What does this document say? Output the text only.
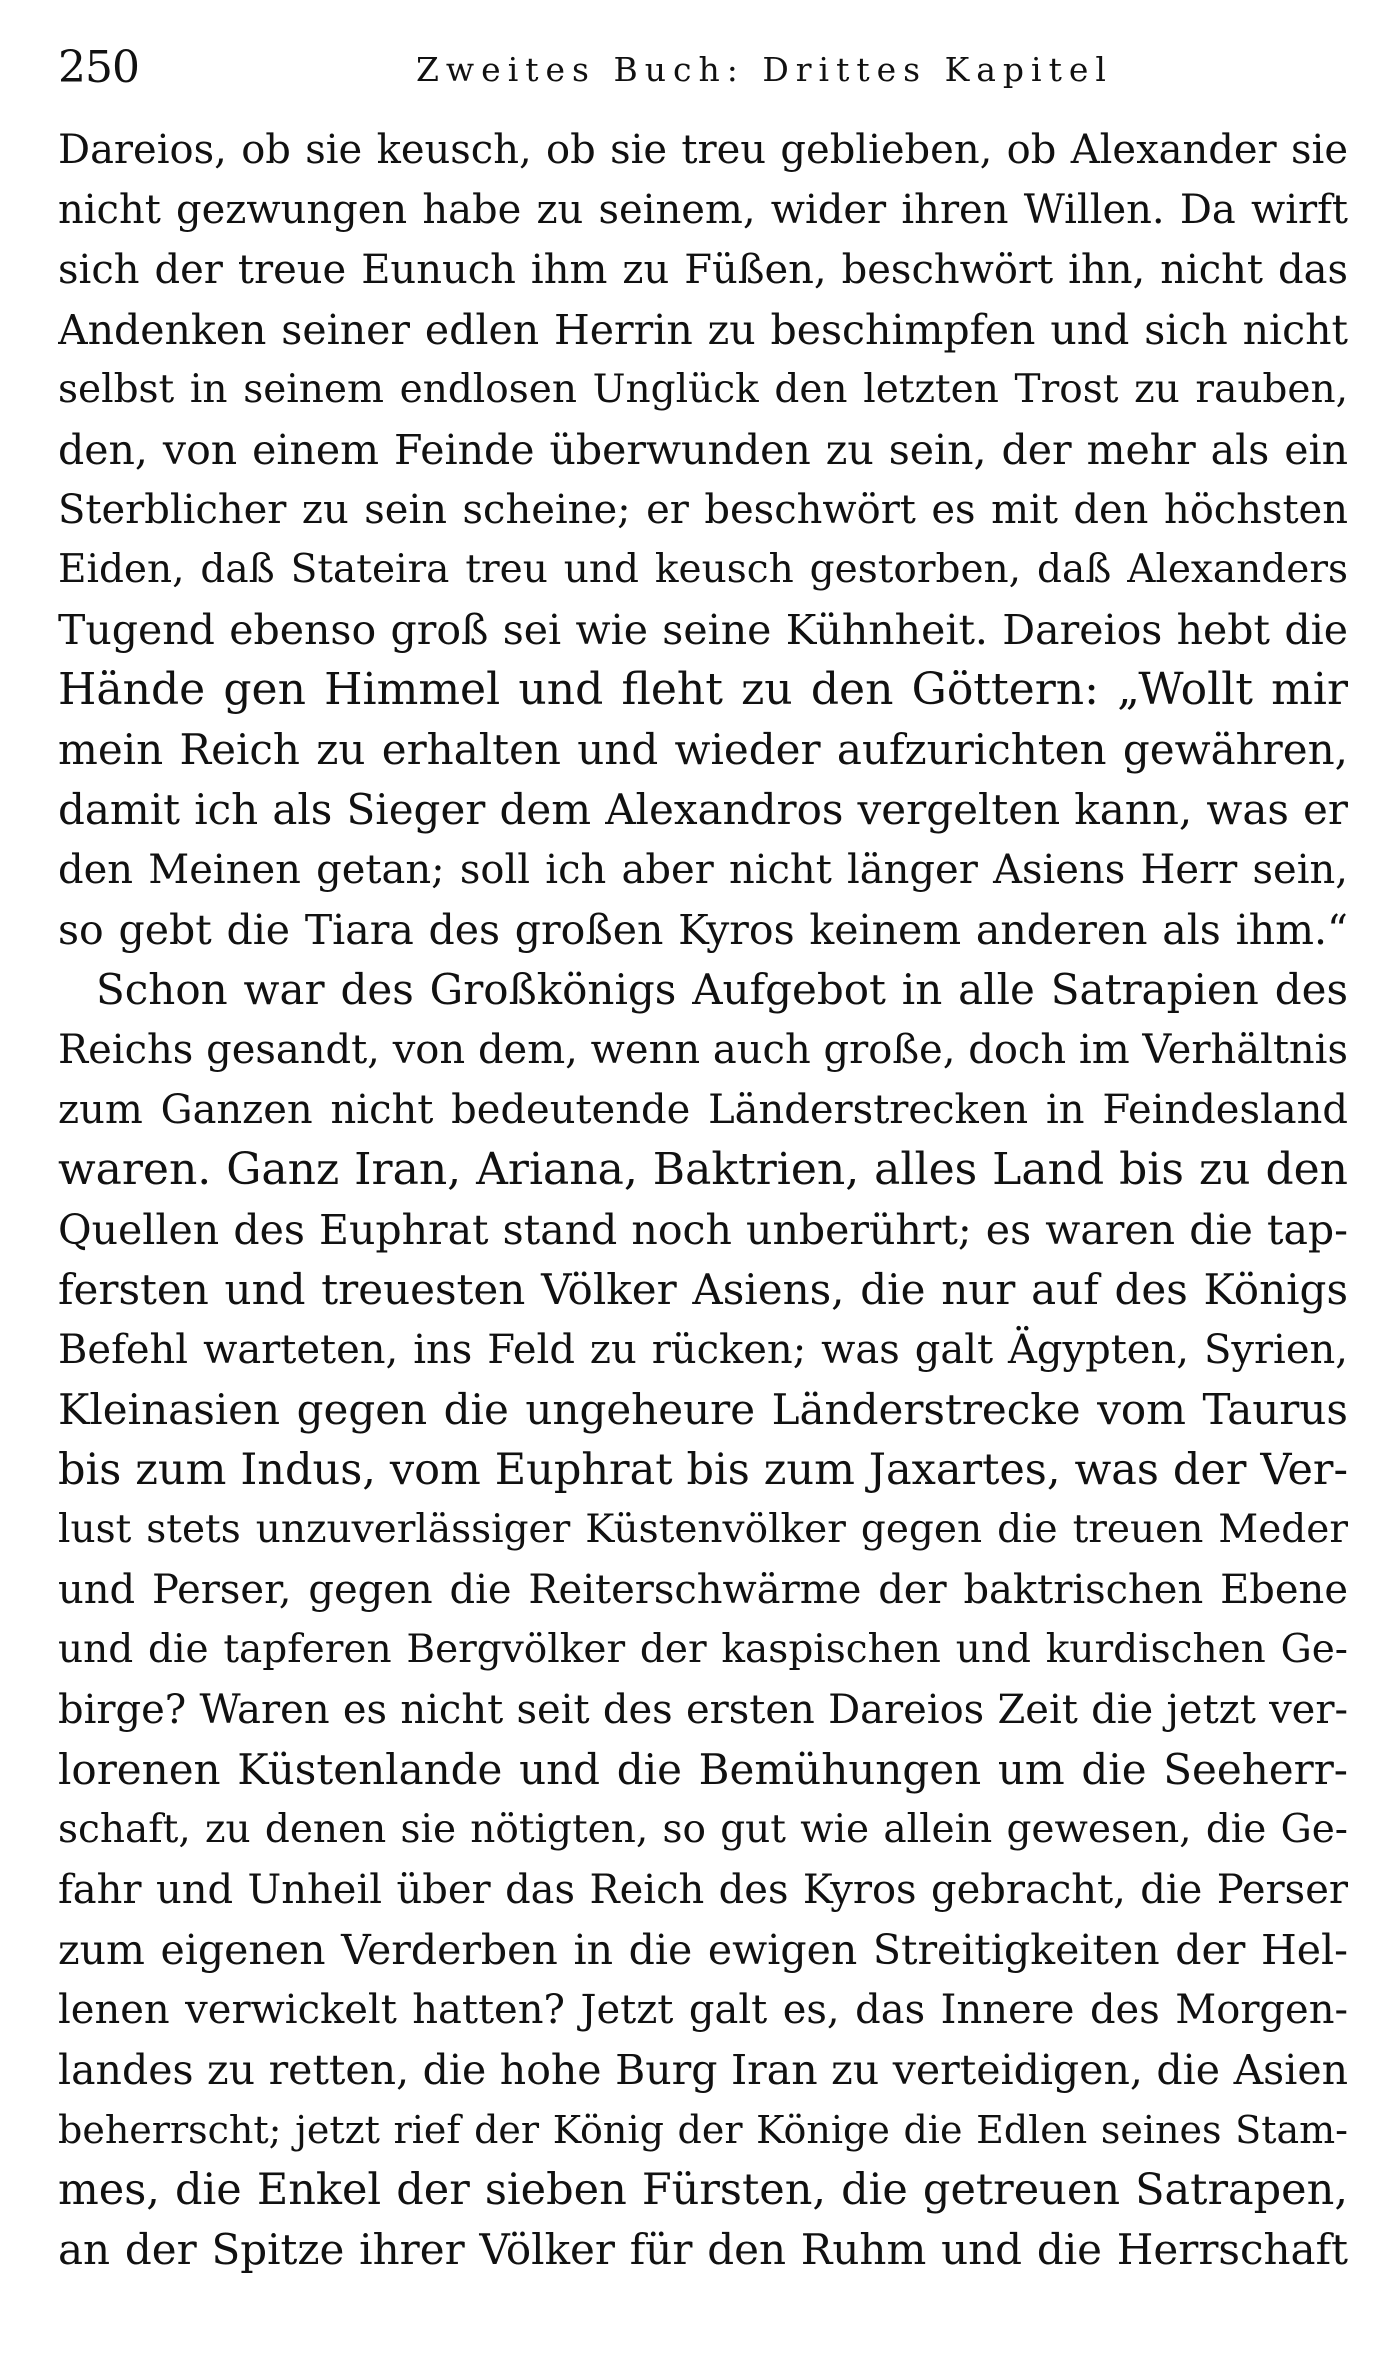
250	Zweites Buch: Drittes Kapitel
Dareios, ob sie keusch, ob sie treu geblieben, ob Alexander sie
nicht gezwungen habe zu seinem, wider ihren Willen. Da wirft
sich der treue Eunuch ihm zu Füßen, beschwört ihn, nicht das
Andenken seiner edlen Herrin zu beschimpfen und sich nicht
selbst in seinem endlosen Unglück den letzten Trost zu rauben,
den, von einem Feinde überwunden zu sein, der mehr als ein
Sterblicher zu sein scheine; er beschwört es mit den höchsten
Eiden, daß Stateira treu und keusch gestorben, daß Alexanders
Tugend ebenso groß sei wie seine Kühnheit. Dareios hebt die
Hände gen Himmel und fleht zu den Göttern: „Wollt mir
mein Reich zu erhalten und wieder aufzurichten gewähren,
damit ich als Sieger dem Alexandros vergelten kann, was er
den Meinen getan; soll ich aber nicht länger Asiens Herr sein,
so gebt die Tiara des großen Kyros keinem anderen als ihm.“
Schon war des Großkönigs Aufgebot in alle Satrapien des
Reichs gesandt, von dem, wenn auch große, doch im Verhältnis
zum Ganzen nicht bedeutende Länderstrecken in Feindesland
waren. Ganz Iran, Ariana, Baktrien, alles Land bis zu den
Quellen des Euphrat stand noch unberührt; es waren die tap-
fersten und treuesten Völker Asiens, die nur auf des Königs
Befehl warteten, ins Feld zu rücken; was galt Ägypten, Syrien,
Kleinasien gegen die ungeheure Länderstrecke vom Taurus
bis zum Indus, vom Euphrat bis zum Jaxartes, was der Ver-
lust stets unzuverlässiger Küstenvölker gegen die treuen Meder
und Perser, gegen die Reiterschwärme der baktrischen Ebene
und die tapferen Bergvölker der kaspischen und kurdischen Ge-
birge? Waren es nicht seit des ersten Dareios Zeit die jetzt ver-
lorenen Küstenlande und die Bemühungen um die Seeherr-
schaft, zu denen sie nötigten, so gut wie allein gewesen, die Ge-
fahr und Unheil über das Reich des Kyros gebracht, die Perser
zum eigenen Verderben in die ewigen Streitigkeiten der Hel-
lenen verwickelt hatten? Jetzt galt es, das Innere des Morgen-
landes zu retten, die hohe Burg Iran zu verteidigen, die Asien
beherrscht; jetzt rief der König der Könige die Edlen seines Stam-
mes, die Enkel der sieben Fürsten, die getreuen Satrapen,
an der Spitze ihrer Völker für den Ruhm und die Herrschaft
